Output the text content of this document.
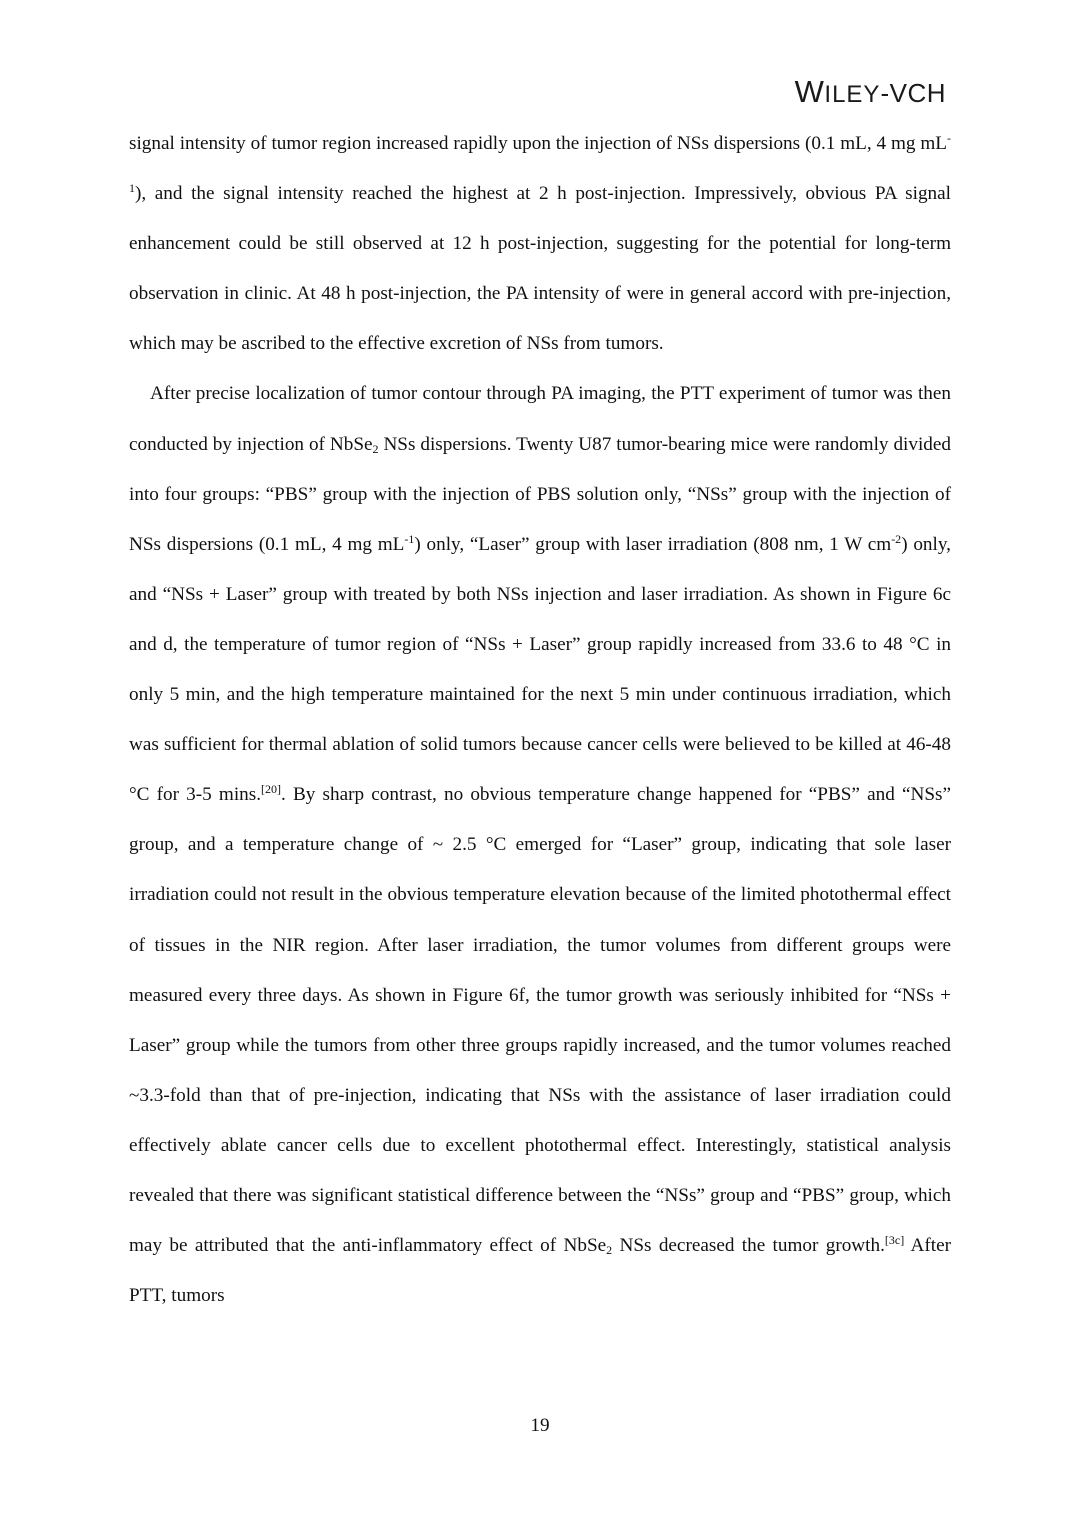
WILEY-VCH

signal intensity of tumor region increased rapidly upon the injection of NSs dispersions (0.1 mL, 4 mg $mL^{-1}$), and the signal intensity reached the highest at 2 h post-injection. Impressively, obvious PA signal enhancement could be still observed at 12 h post-injection, suggesting for the potential for long-term observation in clinic. At 48 h post-injection, the PA intensity of were in general accord with pre-injection, which may be ascribed to the effective excretion of NSs from tumors.

After precise localization of tumor contour through PA imaging, the PTT experiment of tumor was then conducted by injection of NbSe$_2$ NSs dispersions. Twenty U87 tumor-bearing mice were randomly divided into four groups: “PBS” group with the injection of PBS solution only, “NSs” group with the injection of NSs dispersions (0.1 mL, 4 mg $mL^{-1}$) only, “Laser” group with laser irradiation (808 nm, 1 W $cm^{-2}$) only, and “NSs + Laser” group with treated by both NSs injection and laser irradiation. As shown in Figure 6c and d, the temperature of tumor region of “NSs + Laser” group rapidly increased from 33.6 to 48 °C in only 5 min, and the high temperature maintained for the next 5 min under continuous irradiation, which was sufficient for thermal ablation of solid tumors because cancer cells were believed to be killed at 46-48 °C for 3-5 mins.[20]. By sharp contrast, no obvious temperature change happened for “PBS” and “NSs” group, and a temperature change of ~ 2.5 °C emerged for “Laser” group, indicating that sole laser irradiation could not result in the obvious temperature elevation because of the limited photothermal effect of tissues in the NIR region. After laser irradiation, the tumor volumes from different groups were measured every three days. As shown in Figure 6f, the tumor growth was seriously inhibited for “NSs + Laser” group while the tumors from other three groups rapidly increased, and the tumor volumes reached ~3.3-fold than that of pre-injection, indicating that NSs with the assistance of laser irradiation could effectively ablate cancer cells due to excellent photothermal effect. Interestingly, statistical analysis revealed that there was significant statistical difference between the “NSs” group and “PBS” group, which may be attributed that the anti-inflammatory effect of NbSe$_2$ NSs decreased the tumor growth.[3c] After PTT, tumors

19
